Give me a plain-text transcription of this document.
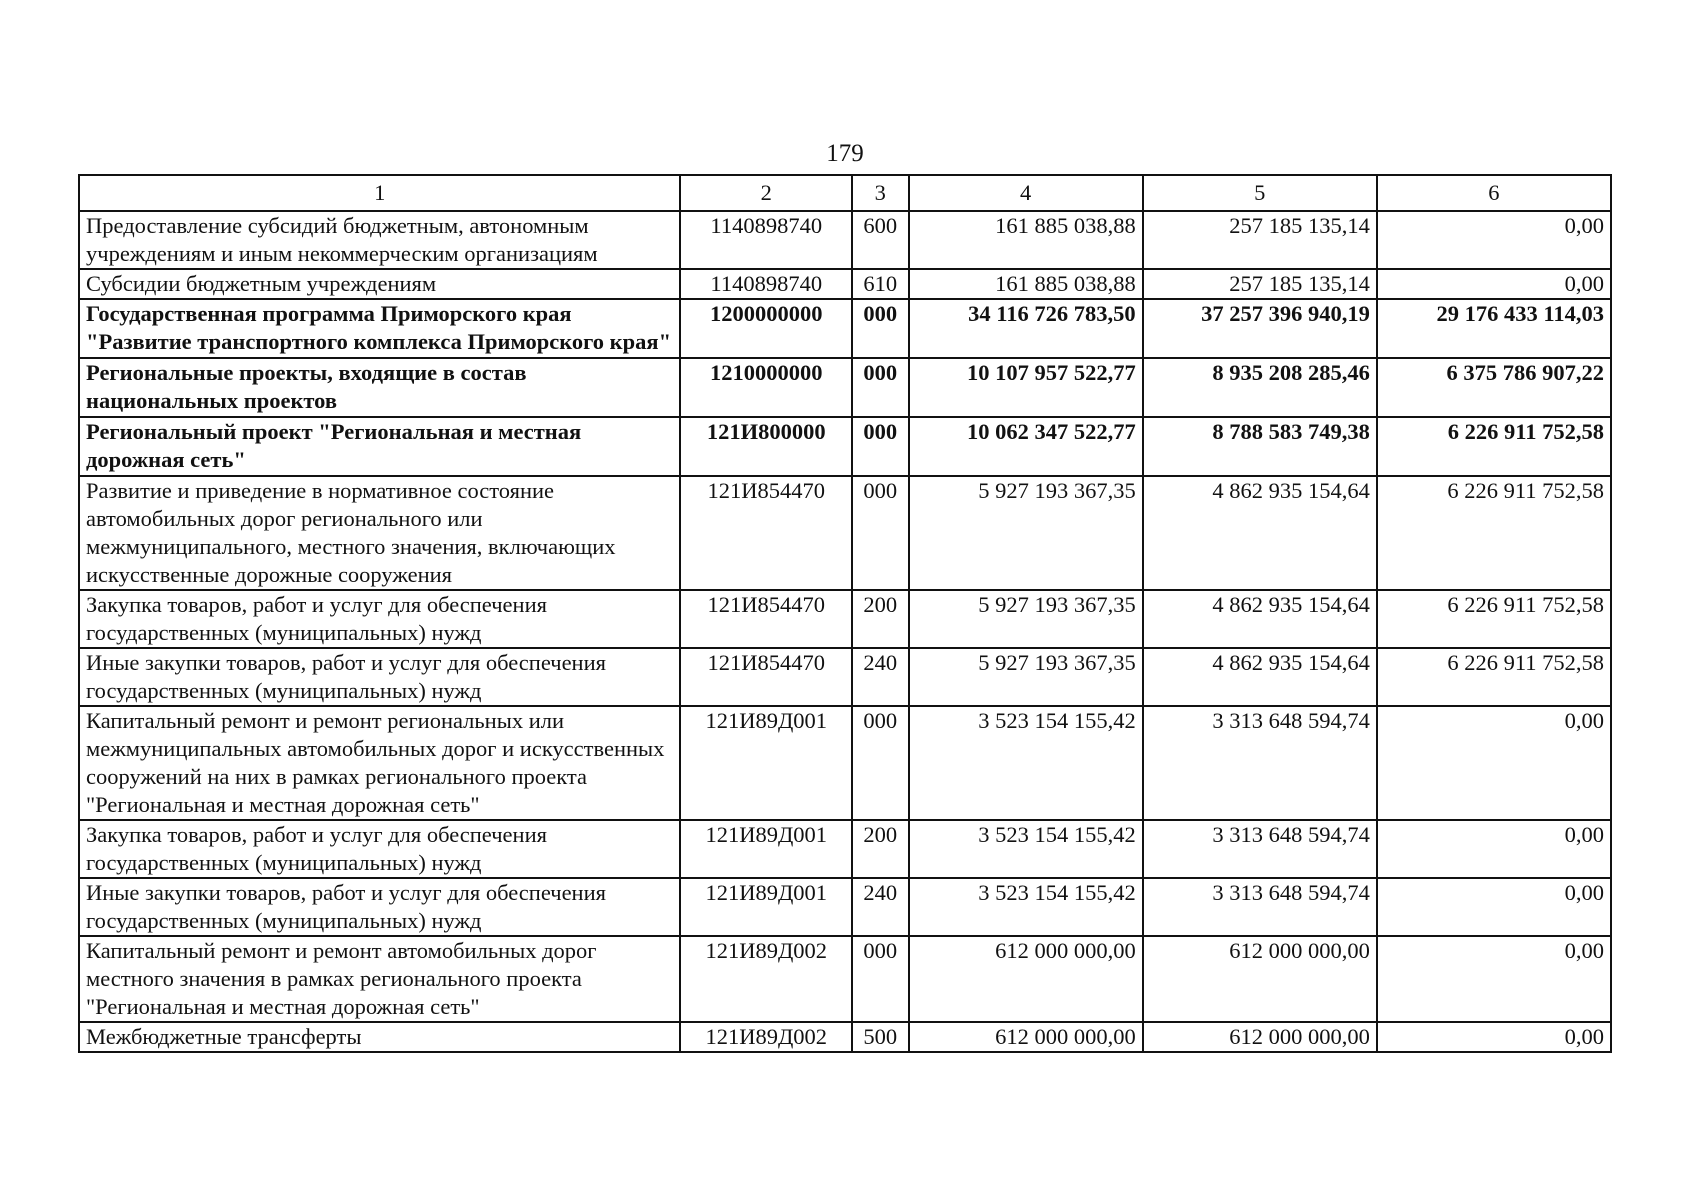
179
1	2	3	4	5	6
Предоставление субсидий бюджетным, автономным учреждениям и иным некоммерческим организациям	1140898740	600	161 885 038,88	257 185 135,14	0,00
Субсидии бюджетным учреждениям	1140898740	610	161 885 038,88	257 185 135,14	0,00
Государственная программа Приморского края "Развитие транспортного комплекса Приморского края"	1200000000	000	34 116 726 783,50	37 257 396 940,19	29 176 433 114,03
Региональные проекты, входящие в состав национальных проектов	1210000000	000	10 107 957 522,77	8 935 208 285,46	6 375 786 907,22
Региональный проект "Региональная и местная дорожная сеть"	121И800000	000	10 062 347 522,77	8 788 583 749,38	6 226 911 752,58
Развитие и приведение в нормативное состояние автомобильных дорог регионального или межмуниципального, местного значения, включающих искусственные дорожные сооружения	121И854470	000	5 927 193 367,35	4 862 935 154,64	6 226 911 752,58
Закупка товаров, работ и услуг для обеспечения государственных (муниципальных) нужд	121И854470	200	5 927 193 367,35	4 862 935 154,64	6 226 911 752,58
Иные закупки товаров, работ и услуг для обеспечения государственных (муниципальных) нужд	121И854470	240	5 927 193 367,35	4 862 935 154,64	6 226 911 752,58
Капитальный ремонт и ремонт региональных или межмуниципальных автомобильных дорог и искусственных сооружений на них в рамках регионального проекта "Региональная и местная дорожная сеть"	121И89Д001	000	3 523 154 155,42	3 313 648 594,74	0,00
Закупка товаров, работ и услуг для обеспечения государственных (муниципальных) нужд	121И89Д001	200	3 523 154 155,42	3 313 648 594,74	0,00
Иные закупки товаров, работ и услуг для обеспечения государственных (муниципальных) нужд	121И89Д001	240	3 523 154 155,42	3 313 648 594,74	0,00
Капитальный ремонт и ремонт автомобильных дорог местного значения в рамках регионального проекта "Региональная и местная дорожная сеть"	121И89Д002	000	612 000 000,00	612 000 000,00	0,00
Межбюджетные трансферты	121И89Д002	500	612 000 000,00	612 000 000,00	0,00
